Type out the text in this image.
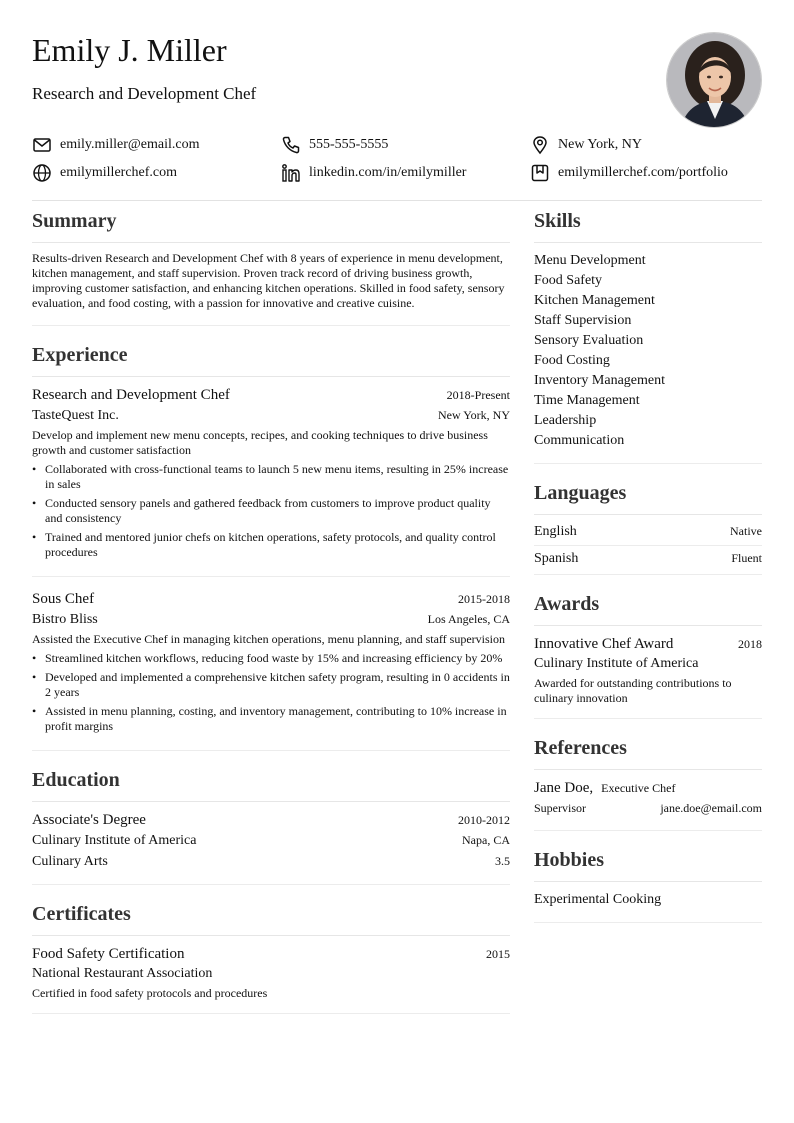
Emily J. Miller
Research and Development Chef
emily.miller@email.com	555-555-5555	New York, NY
emilymillerchef.com	linkedin.com/in/emilymiller	emilymillerchef.com/portfolio
Summary

Results-driven Research and Development Chef with 8 years of experience in menu development, kitchen management, and staff supervision. Proven track record of driving business growth, improving customer satisfaction, and enhancing kitchen operations. Skilled in food safety, sensory evaluation, and food costing, with a passion for innovative and creative cuisine.

Experience
Research and Development Chef	2018-Present
TasteQuest Inc.	New York, NY

Develop and implement new menu concepts, recipes, and cooking techniques to drive business growth and customer satisfaction

• Collaborated with cross-functional teams to launch 5 new menu items, resulting in 25% increase in sales
• Conducted sensory panels and gathered feedback from customers to improve product quality and consistency
• Trained and mentored junior chefs on kitchen operations, safety protocols, and quality control procedures
Sous Chef	2015-2018
Bistro Bliss	Los Angeles, CA

Assisted the Executive Chef in managing kitchen operations, menu planning, and staff supervision

• Streamlined kitchen workflows, reducing food waste by 15% and increasing efficiency by 20%
• Developed and implemented a comprehensive kitchen safety program, resulting in 0 accidents in 2 years
• Assisted in menu planning, costing, and inventory management, contributing to 10% increase in profit margins
Education
Associate's Degree	2010-2012
Culinary Institute of America	Napa, CA
Culinary Arts	3.5
Certificates
Food Safety Certification	2015
National Restaurant Association

Certified in food safety protocols and procedures

Skills
Menu Development
Food Safety
Kitchen Management
Staff Supervision
Sensory Evaluation
Food Costing
Inventory Management
Time Management
Leadership
Communication
Languages
English	Native
Spanish	Fluent
Awards
Innovative Chef Award	2018
Culinary Institute of America

Awarded for outstanding contributions to culinary innovation

References
Jane Doe, Executive Chef
Supervisor	jane.doe@email.com
Hobbies
Experimental Cooking
